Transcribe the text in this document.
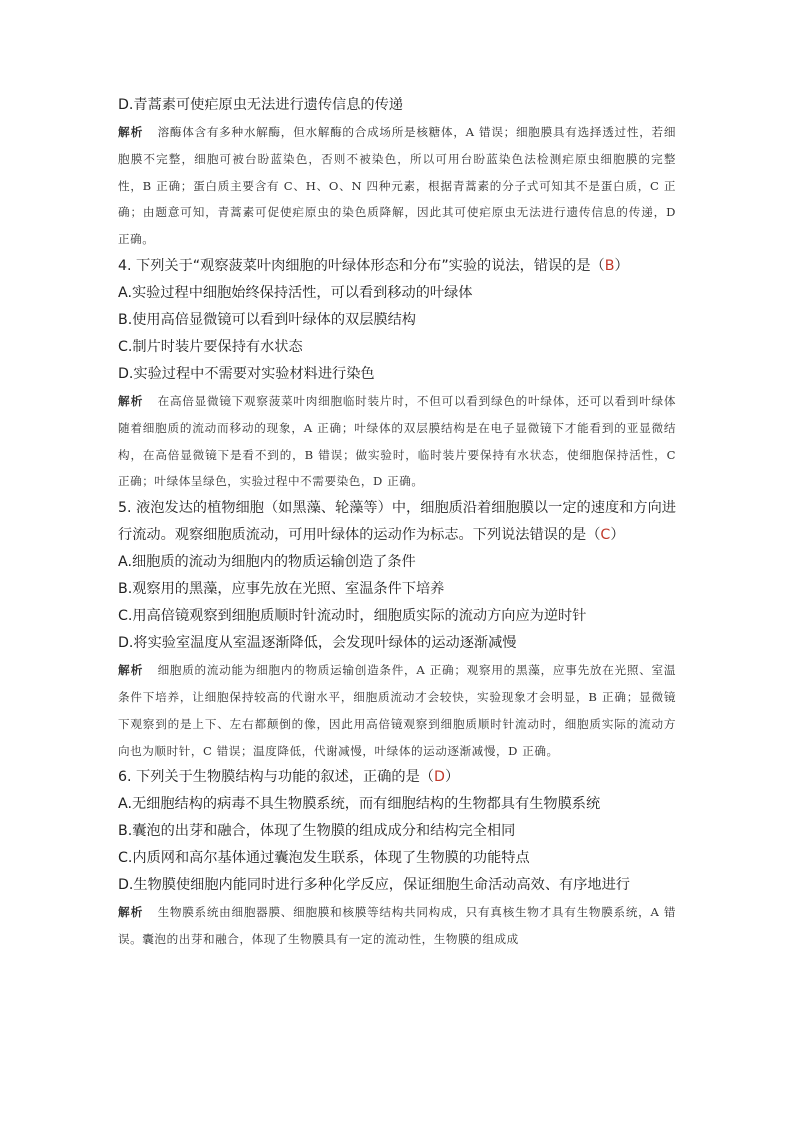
D.青蒿素可使疟原虫无法进行遗传信息的传递

解析 溶酶体含有多种水解酶，但水解酶的合成场所是核糖体，A 错误；细胞膜具有选择透过性，若细胞膜不完整，细胞可被台盼蓝染色，否则不被染色，所以可用台盼蓝染色法检测疟原虫细胞膜的完整性，B 正确；蛋白质主要含有 C、H、O、N 四种元素，根据青蒿素的分子式可知其不是蛋白质，C 正确；由题意可知，青蒿素可促使疟原虫的染色质降解，因此其可使疟原虫无法进行遗传信息的传递，D 正确。

4. 下列关于“观察菠菜叶肉细胞的叶绿体形态和分布”实验的说法，错误的是（B）

A.实验过程中细胞始终保持活性，可以看到移动的叶绿体

B.使用高倍显微镜可以看到叶绿体的双层膜结构

C.制片时装片要保持有水状态

D.实验过程中不需要对实验材料进行染色

解析 在高倍显微镜下观察菠菜叶肉细胞临时装片时，不但可以看到绿色的叶绿体，还可以看到叶绿体随着细胞质的流动而移动的现象，A 正确；叶绿体的双层膜结构是在电子显微镜下才能看到的亚显微结构，在高倍显微镜下是看不到的，B 错误；做实验时，临时装片要保持有水状态，使细胞保持活性，C 正确；叶绿体呈绿色，实验过程中不需要染色，D 正确。

5. 液泡发达的植物细胞（如黑藻、轮藻等）中，细胞质沿着细胞膜以一定的速度和方向进行流动。观察细胞质流动，可用叶绿体的运动作为标志。下列说法错误的是（C）

A.细胞质的流动为细胞内的物质运输创造了条件

B.观察用的黑藻，应事先放在光照、室温条件下培养

C.用高倍镜观察到细胞质顺时针流动时，细胞质实际的流动方向应为逆时针

D.将实验室温度从室温逐渐降低，会发现叶绿体的运动逐渐减慢

解析 细胞质的流动能为细胞内的物质运输创造条件，A 正确；观察用的黑藻，应事先放在光照、室温条件下培养，让细胞保持较高的代谢水平，细胞质流动才会较快，实验现象才会明显，B 正确；显微镜下观察到的是上下、左右都颠倒的像，因此用高倍镜观察到细胞质顺时针流动时，细胞质实际的流动方向也为顺时针，C 错误；温度降低，代谢减慢，叶绿体的运动逐渐减慢，D 正确。

6. 下列关于生物膜结构与功能的叙述，正确的是（D）

A.无细胞结构的病毒不具生物膜系统，而有细胞结构的生物都具有生物膜系统

B.囊泡的出芽和融合，体现了生物膜的组成成分和结构完全相同

C.内质网和高尔基体通过囊泡发生联系，体现了生物膜的功能特点

D.生物膜使细胞内能同时进行多种化学反应，保证细胞生命活动高效、有序地进行

解析 生物膜系统由细胞器膜、细胞膜和核膜等结构共同构成，只有真核生物才具有生物膜系统，A 错误。囊泡的出芽和融合，体现了生物膜具有一定的流动性，生物膜的组成成
